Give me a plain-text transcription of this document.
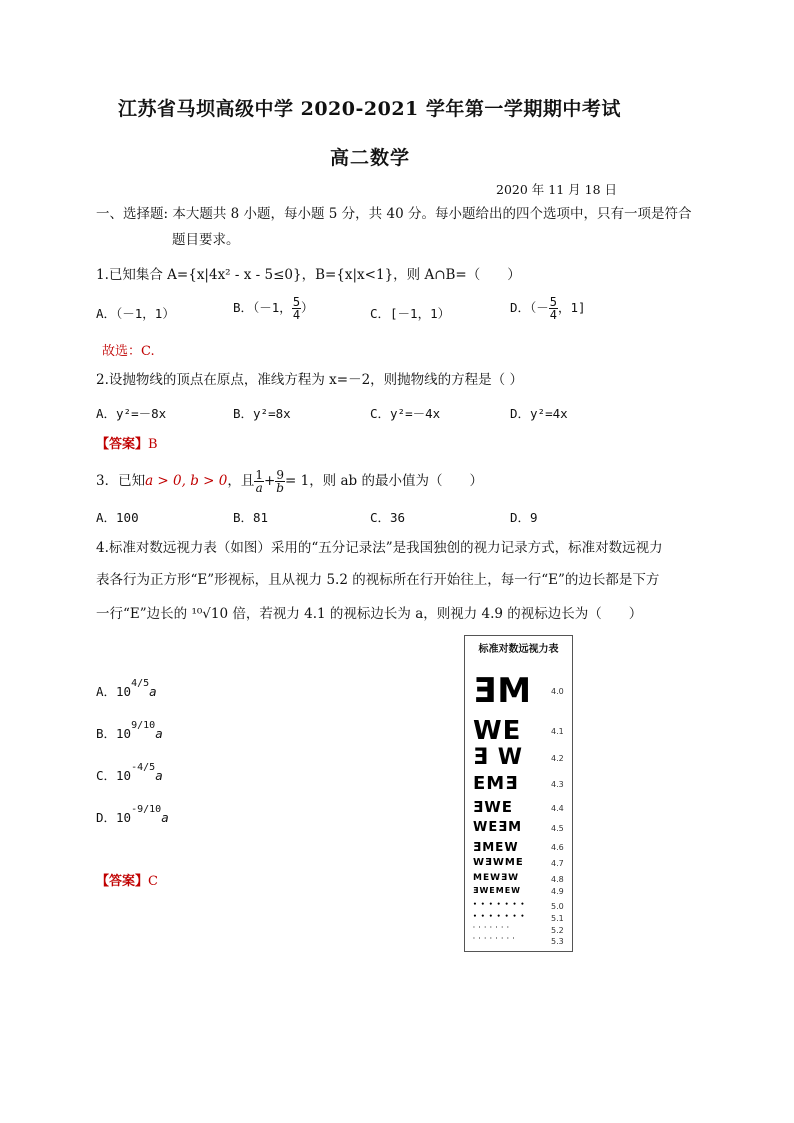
江苏省马坝高级中学 2020-2021 学年第一学期期中考试
高二数学
2020 年 11 月 18 日
一、选择题: 本大题共 8 小题，每小题 5 分，共 40 分。每小题给出的四个选项中，只有一项是符合
题目要求。
1.已知集合 A={x|4x² - x - 5≤0}，B={x|x<1}，则 A∩B=（　　）
A．（－1，1）	B．（－1， $\frac{5}{4}$ ）	C．[－1，1）	D．（－ $\frac{5}{4}$ ，1]
故选：C.
2.设抛物线的顶点在原点，准线方程为 x=－2，则抛物线的方程是（ ）
A．y²=－8x	B．y²=8x	C．y²=－4x	D．y²=4x
【答案】B
3．已知a > 0, b > 0，且 $\frac{1}{a} + \frac{9}{b} = 1$，则 ab 的最小值为（　　）
A．100	B．81	C．36	D．9
4.标准对数远视力表（如图）采用的“五分记录法”是我国独创的视力记录方式，标准对数远视力
表各行为正方形“E”形视标，且从视力 5.2 的视标所在行开始往上，每一行“E”的边长都是下方
一行“E”边长的 ¹⁰√10 倍，若视力 4.1 的视标边长为 a，则视力 4.9 的视标边长为（　　）
A．$10^{4/5}a$
B．$10^{9/10}a$
C．$10^{-4/5}a$
D．$10^{-9/10}a$
【答案】C
标准对数远视力表
ƎM 4.0
WE	4.1
Ǝ W	4.2
EMƎ	4.3
ƎWE	4.4
WEƎM	4.5
ƎMEW	4.6
WƎWME	4.7
MEWƎW	4.8
ƎWEMEW	4.9
• • • • • • •	5.0
• • • • • • •	5.1
· · · · · · ·	5.2
· · · · · · · ·	5.3
